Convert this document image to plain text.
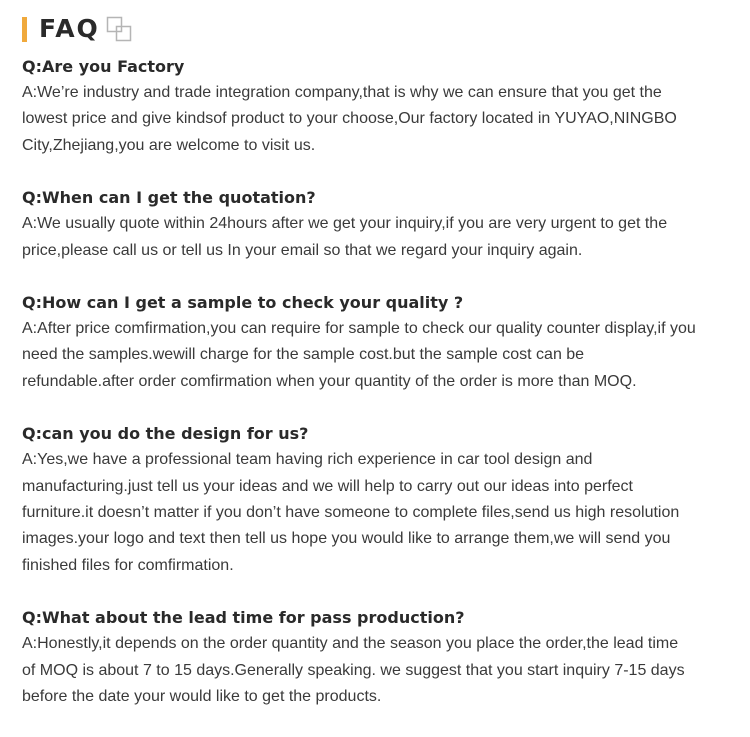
FAQ
Q:Are you Factory
A:We’re industry and trade integration company,that is why we can ensure that you get the
lowest price and give kindsof product to your choose,Our factory located in YUYAO,NINGBO
City,Zhejiang,you are welcome to visit us.
Q:When can I get the quotation?
A:We usually quote within 24hours after we get your inquiry,if you are very urgent to get the
price,please call us or tell us In your email so that we regard your inquiry again.
Q:How can I get a sample to check your quality ?
A:After price comfirmation,you can require for sample to check our quality counter display,if you
need the samples.wewill charge for the sample cost.but the sample cost can be
refundable.after order comfirmation when your quantity of the order is more than MOQ.
Q:can you do the design for us?
A:Yes,we have a professional team having rich experience in car tool design and
manufacturing.just tell us your ideas and we will help to carry out our ideas into perfect
furniture.it doesn’t matter if you don’t have someone to complete files,send us high resolution
images.your logo and text then tell us hope you would like to arrange them,we will send you
finished files for comfirmation.
Q:What about the lead time for pass production?
A:Honestly,it depends on the order quantity and the season you place the order,the lead time
of MOQ is about 7 to 15 days.Generally speaking. we suggest that you start inquiry 7-15 days
before the date your would like to get the products.
